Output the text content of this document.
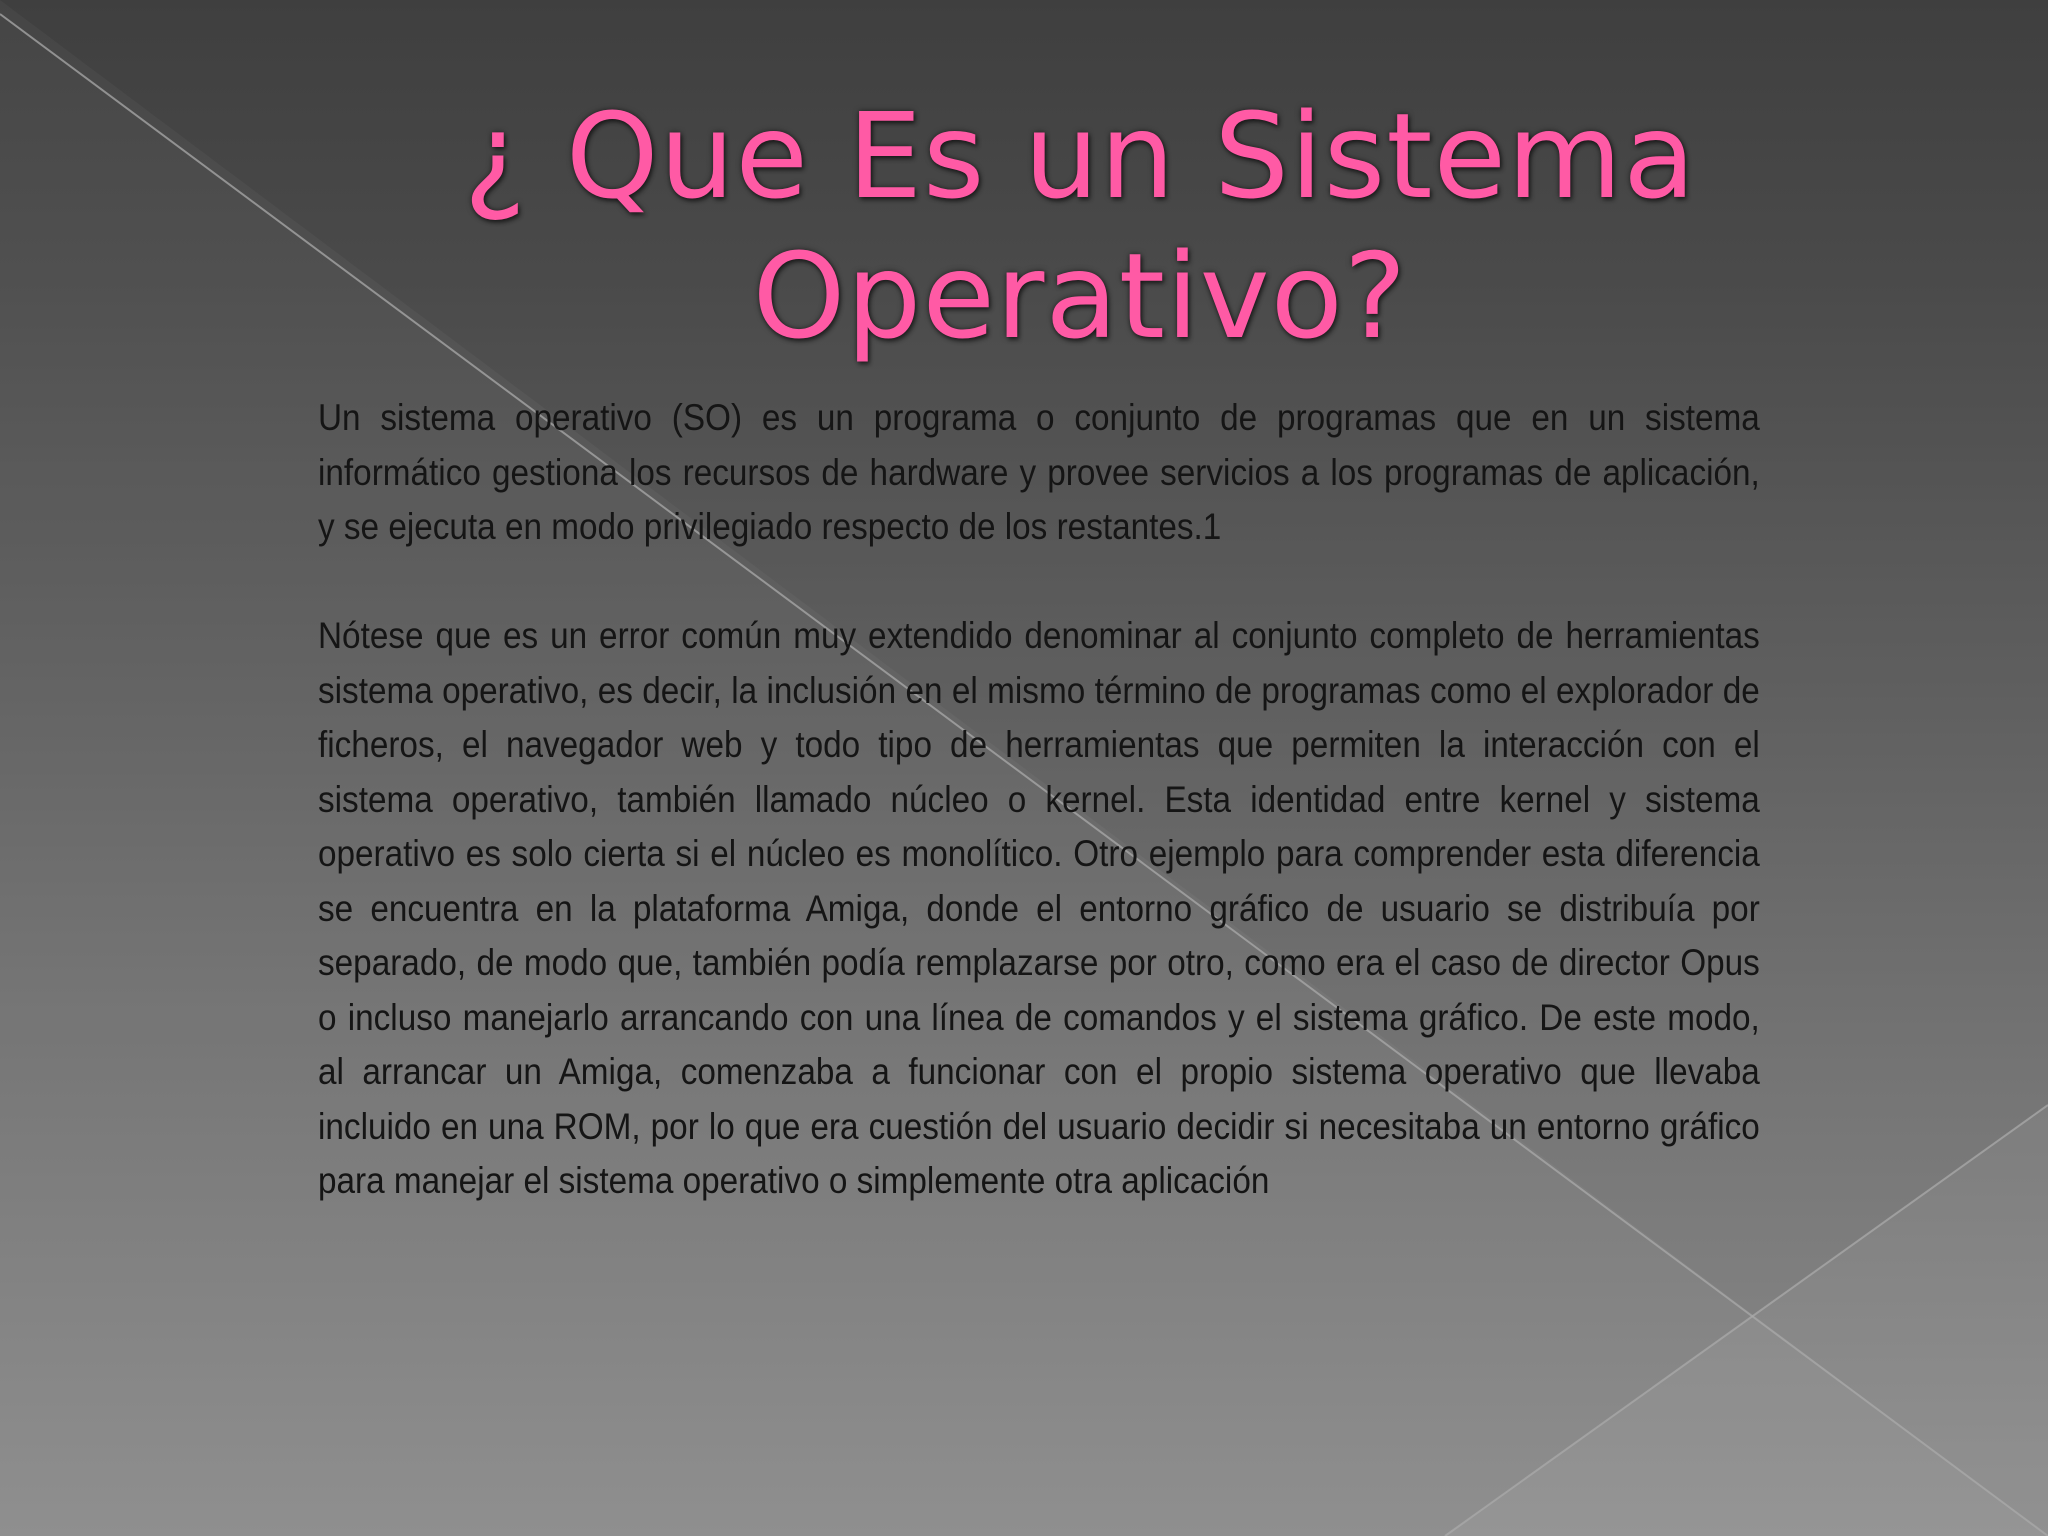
¿ Que Es un Sistema
Operativo?

Un sistema operativo (SO) es un programa o conjunto de programas que en un sistema informático gestiona los recursos de hardware y provee servicios a los programas de aplicación, y se ejecuta en modo privilegiado respecto de los restantes.1

Nótese que es un error común muy extendido denominar al conjunto completo de herramientas sistema operativo, es decir, la inclusión en el mismo término de programas como el explorador de ficheros, el navegador web y todo tipo de herramientas que permiten la interacción con el sistema operativo, también llamado núcleo o kernel. Esta identidad entre kernel y sistema operativo es solo cierta si el núcleo es monolítico. Otro ejemplo para comprender esta diferencia se encuentra en la plataforma Amiga, donde el entorno gráfico de usuario se distribuía por separado, de modo que, también podía remplazarse por otro, como era el caso de director Opus o incluso manejarlo arrancando con una línea de comandos y el sistema gráfico. De este modo, al arrancar un Amiga, comenzaba a funcionar con el propio sistema operativo que llevaba incluido en una ROM, por lo que era cuestión del usuario decidir si necesitaba un entorno gráfico para manejar el sistema operativo o simplemente otra aplicación
